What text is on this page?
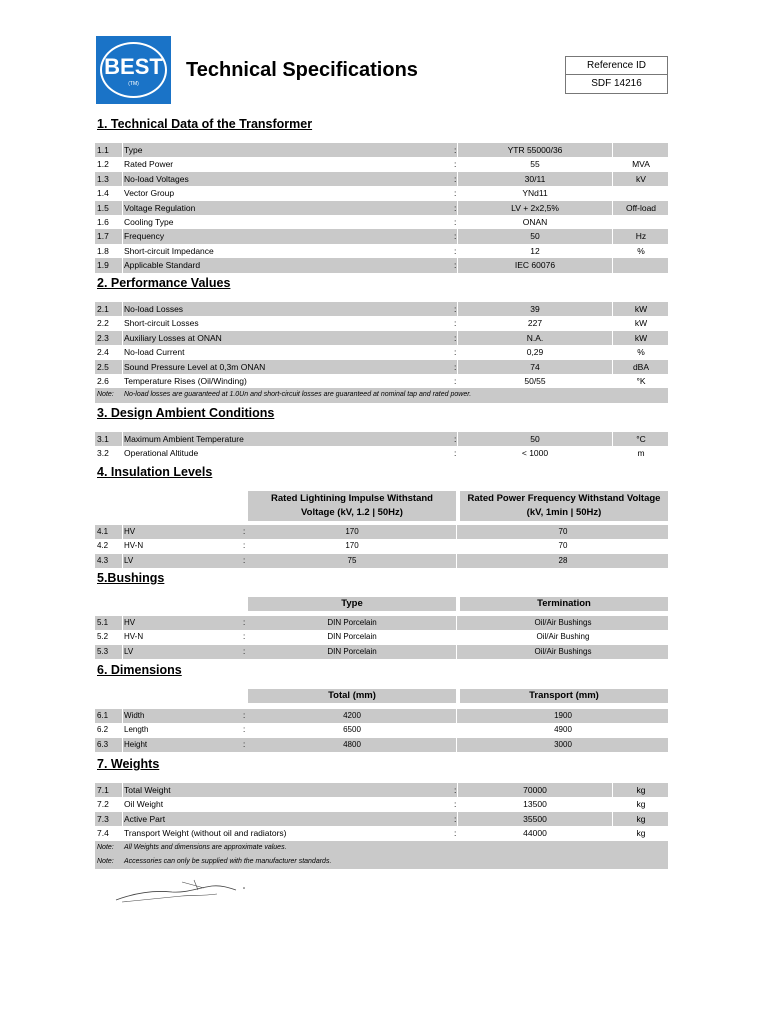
BEST
(TM)
Technical Specifications	Reference ID
SDF 14216
1. Technical Data of the Transformer
1.1 Type	:	YTR 55000/36
1.2 Rated Power	:	55	MVA
1.3 No-load Voltages	:	30/11	kV
1.4 Vector Group	:	YNd11
1.5 Voltage Regulation	:	LV + 2x2,5%	Off-load
1.6 Cooling Type	:	ONAN
1.7 Frequency	:	50	Hz
1.8 Short-circuit Impedance	:	12	%
1.9 Applicable Standard	:	IEC 60076
2. Performance Values
2.1 No-load Losses	:	39	kW
2.2 Short-circuit Losses	:	227	kW
2.3 Auxiliary Losses at ONAN	:	N.A.	kW
2.4 No-load Current	:	0,29	%
2.5 Sound Pressure Level at 0,3m ONAN	:	74	dBA
2.6 Temperature Rises (Oil/Winding)	:	50/55	°K
Note: No-load losses are guaranteed at 1.0Un and short-circuit losses are guaranteed at nominal tap and rated power.
3. Design Ambient Conditions
3.1 Maximum Ambient Temperature	:	50	°C
3.2 Operational Altitude	:	< 1000	m
4. Insulation Levels
Rated Lightining Impulse Withstand Voltage (kV, 1.2 | 50Hz)
Rated Power Frequency Withstand Voltage (kV, 1min | 50Hz)
4.1 HV	:	170	70
4.2 HV-N	:	170	70
4.3 LV	:	75	28
5.Bushings
Type	Termination
5.1 HV	:	DIN Porcelain	Oil/Air Bushings
5.2 HV-N	:	DIN Porcelain	Oil/Air Bushing
5.3 LV	:	DIN Porcelain	Oil/Air Bushings
6. Dimensions
Total (mm)	Transport (mm)
6.1 Width	:	4200	1900
6.2 Length	:	6500	4900
6.3 Height	:	4800	3000
7. Weights
7.1 Total Weight	:	70000	kg
7.2 Oil Weight	:	13500	kg
7.3 Active Part	:	35500	kg
7.4 Transport Weight (without oil and radiators)	:	44000	kg
Note: All Weights and dimensions are approximate values.
Note: Accessories can only be supplied with the manufacturer standards.
